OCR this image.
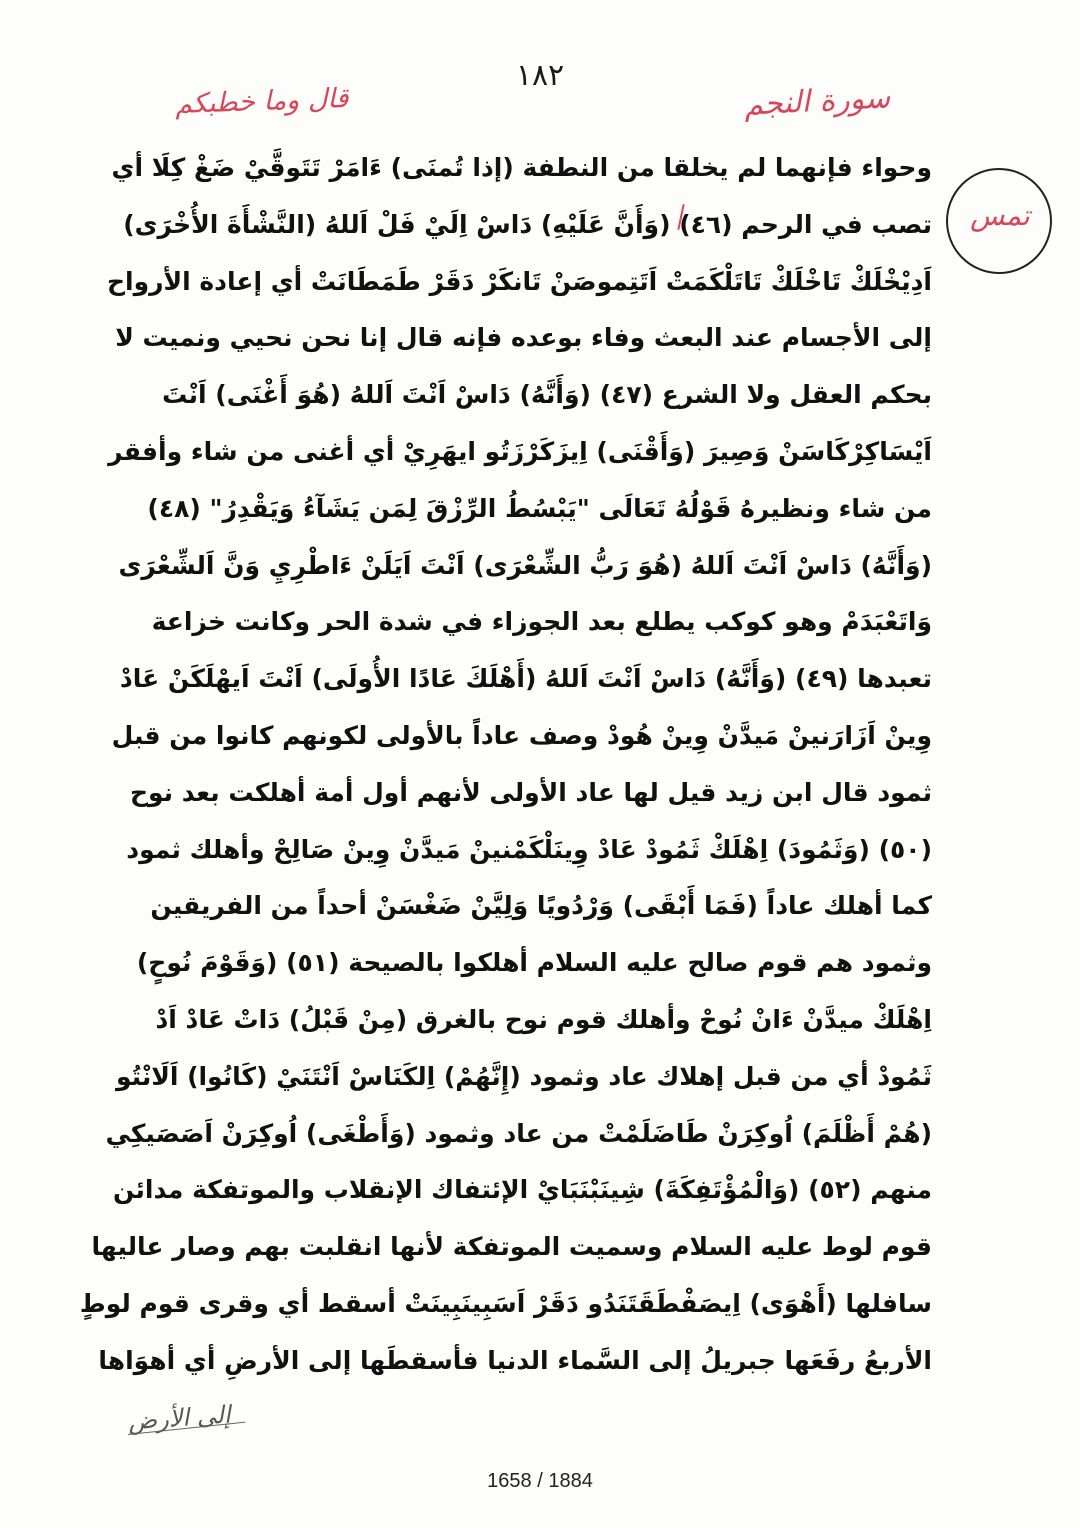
١٨٢
سورة النجم
قال وما خطبكم
تمس
وحواء فإنهما لم يخلقا من النطفة (إذا تُمنَى) ءَامَرْ تَتَوقَّيْ ضَغْ كِلَا أي
تصب في الرحم (٤٦) (وَأَنَّ عَلَيْهِ) دَاسْ اِلَيْ فَلْ اَللهُ (النَّشْأَةَ الأُخْرَى)
اَدِيْخْلَكْ تَاخْلَكْ تَاتَلْكَمَتْ اَتَتِموصَنْ تَانكَرْ دَقَرْ طَمَطَانَتْ أي إعادة الأرواح
إلى الأجسام عند البعث وفاء بوعده فإنه قال إنا نحن نحيي ونميت لا
بحكم العقل ولا الشرع (٤٧) (وَأَنَّهُ) دَاسْ اَنْتَ اَللهُ (هُوَ أَغْنَى) اَنْتَ
اَيْسَاكِرْكَاسَنْ وَصِيرَ (وَأَقْنَى) اِيزَكَرْزَتُو ايهَرِيْ أي أغنى من شاء وأفقر
من شاء ونظيرهُ قَوْلُهُ تَعَالَى "يَبْسُطُ الرِّزْقَ لِمَن يَشَآءُ وَيَقْدِرُ" (٤٨)
(وَأَنَّهُ) دَاسْ اَنْتَ اَللهُ (هُوَ رَبُّ الشِّعْرَى) اَنْتَ اَيَلَنْ ءَاطْرِيِ وَنَّ اَلشِّعْرَى
وَاتَعْبَدَمْ وهو كوكب يطلع بعد الجوزاء في شدة الحر وكانت خزاعة
تعبدها (٤٩) (وَأَنَّهُ) دَاسْ اَنْتَ اَللهُ (أَهْلَكَ عَادًا الأُولَى) اَنْتَ اَيهْلَكَنْ عَادْ
وِينْ اَزَارَنينْ مَيدَّنْ وِينْ هُودْ وصف عاداً بالأولى لكونهم كانوا من قبل
ثمود قال ابن زيد قيل لها عاد الأولى لأنهم أول أمة أهلكت بعد نوح
(٥٠) (وَثَمُودَ) اِهْلَكْ ثَمُودْ عَادْ وِينَلْكَمْنينْ مَيدَّنْ وِينْ صَالِحْ وأهلك ثمود
كما أهلك عاداً (فَمَا أَبْقَى) وَرْدُويًا وَلِيَّنْ ضَغْسَنْ أحداً من الفريقين
وثمود هم قوم صالح عليه السلام أهلكوا بالصيحة (٥١) (وَقَوْمَ نُوحٍ)
اِهْلَكْ ميدَّنْ ءَانْ نُوحْ وأهلك قوم نوح بالغرق (مِنْ قَبْلُ) دَاتْ عَادْ اَدْ
ثَمُودْ أي من قبل إهلاك عاد وثمود (إِنَّهُمْ) اِلكَنَاسْ اَنْتَنَيْ (كَانُوا) اَلَانْتُو
(هُمْ أَظْلَمَ) اُوكِرَنْ طَاضَلَمْتْ من عاد وثمود (وَأَطْغَى) اُوكِرَنْ اَصَصَيكِي
منهم (٥٢) (وَالْمُؤْتَفِكَةَ) شِينَبْنَبَايْ الإئتفاك الإنقلاب والموتفكة مدائن
قوم لوط عليه السلام وسميت الموتفكة لأنها انقلبت بهم وصار عاليها
سافلها (أَهْوَى) اِيصَفْطَقَتَنَدُو دَقَرْ اَسَبِينَبِينَتْ أسقط أي وقرى قوم لوطٍ
الأربعُ رفَعَها جبريلُ إلى السَّماء الدنيا فأسقطَها إلى الأرضِ أي أهوَاها
إلى الأرض
1658 / 1884
